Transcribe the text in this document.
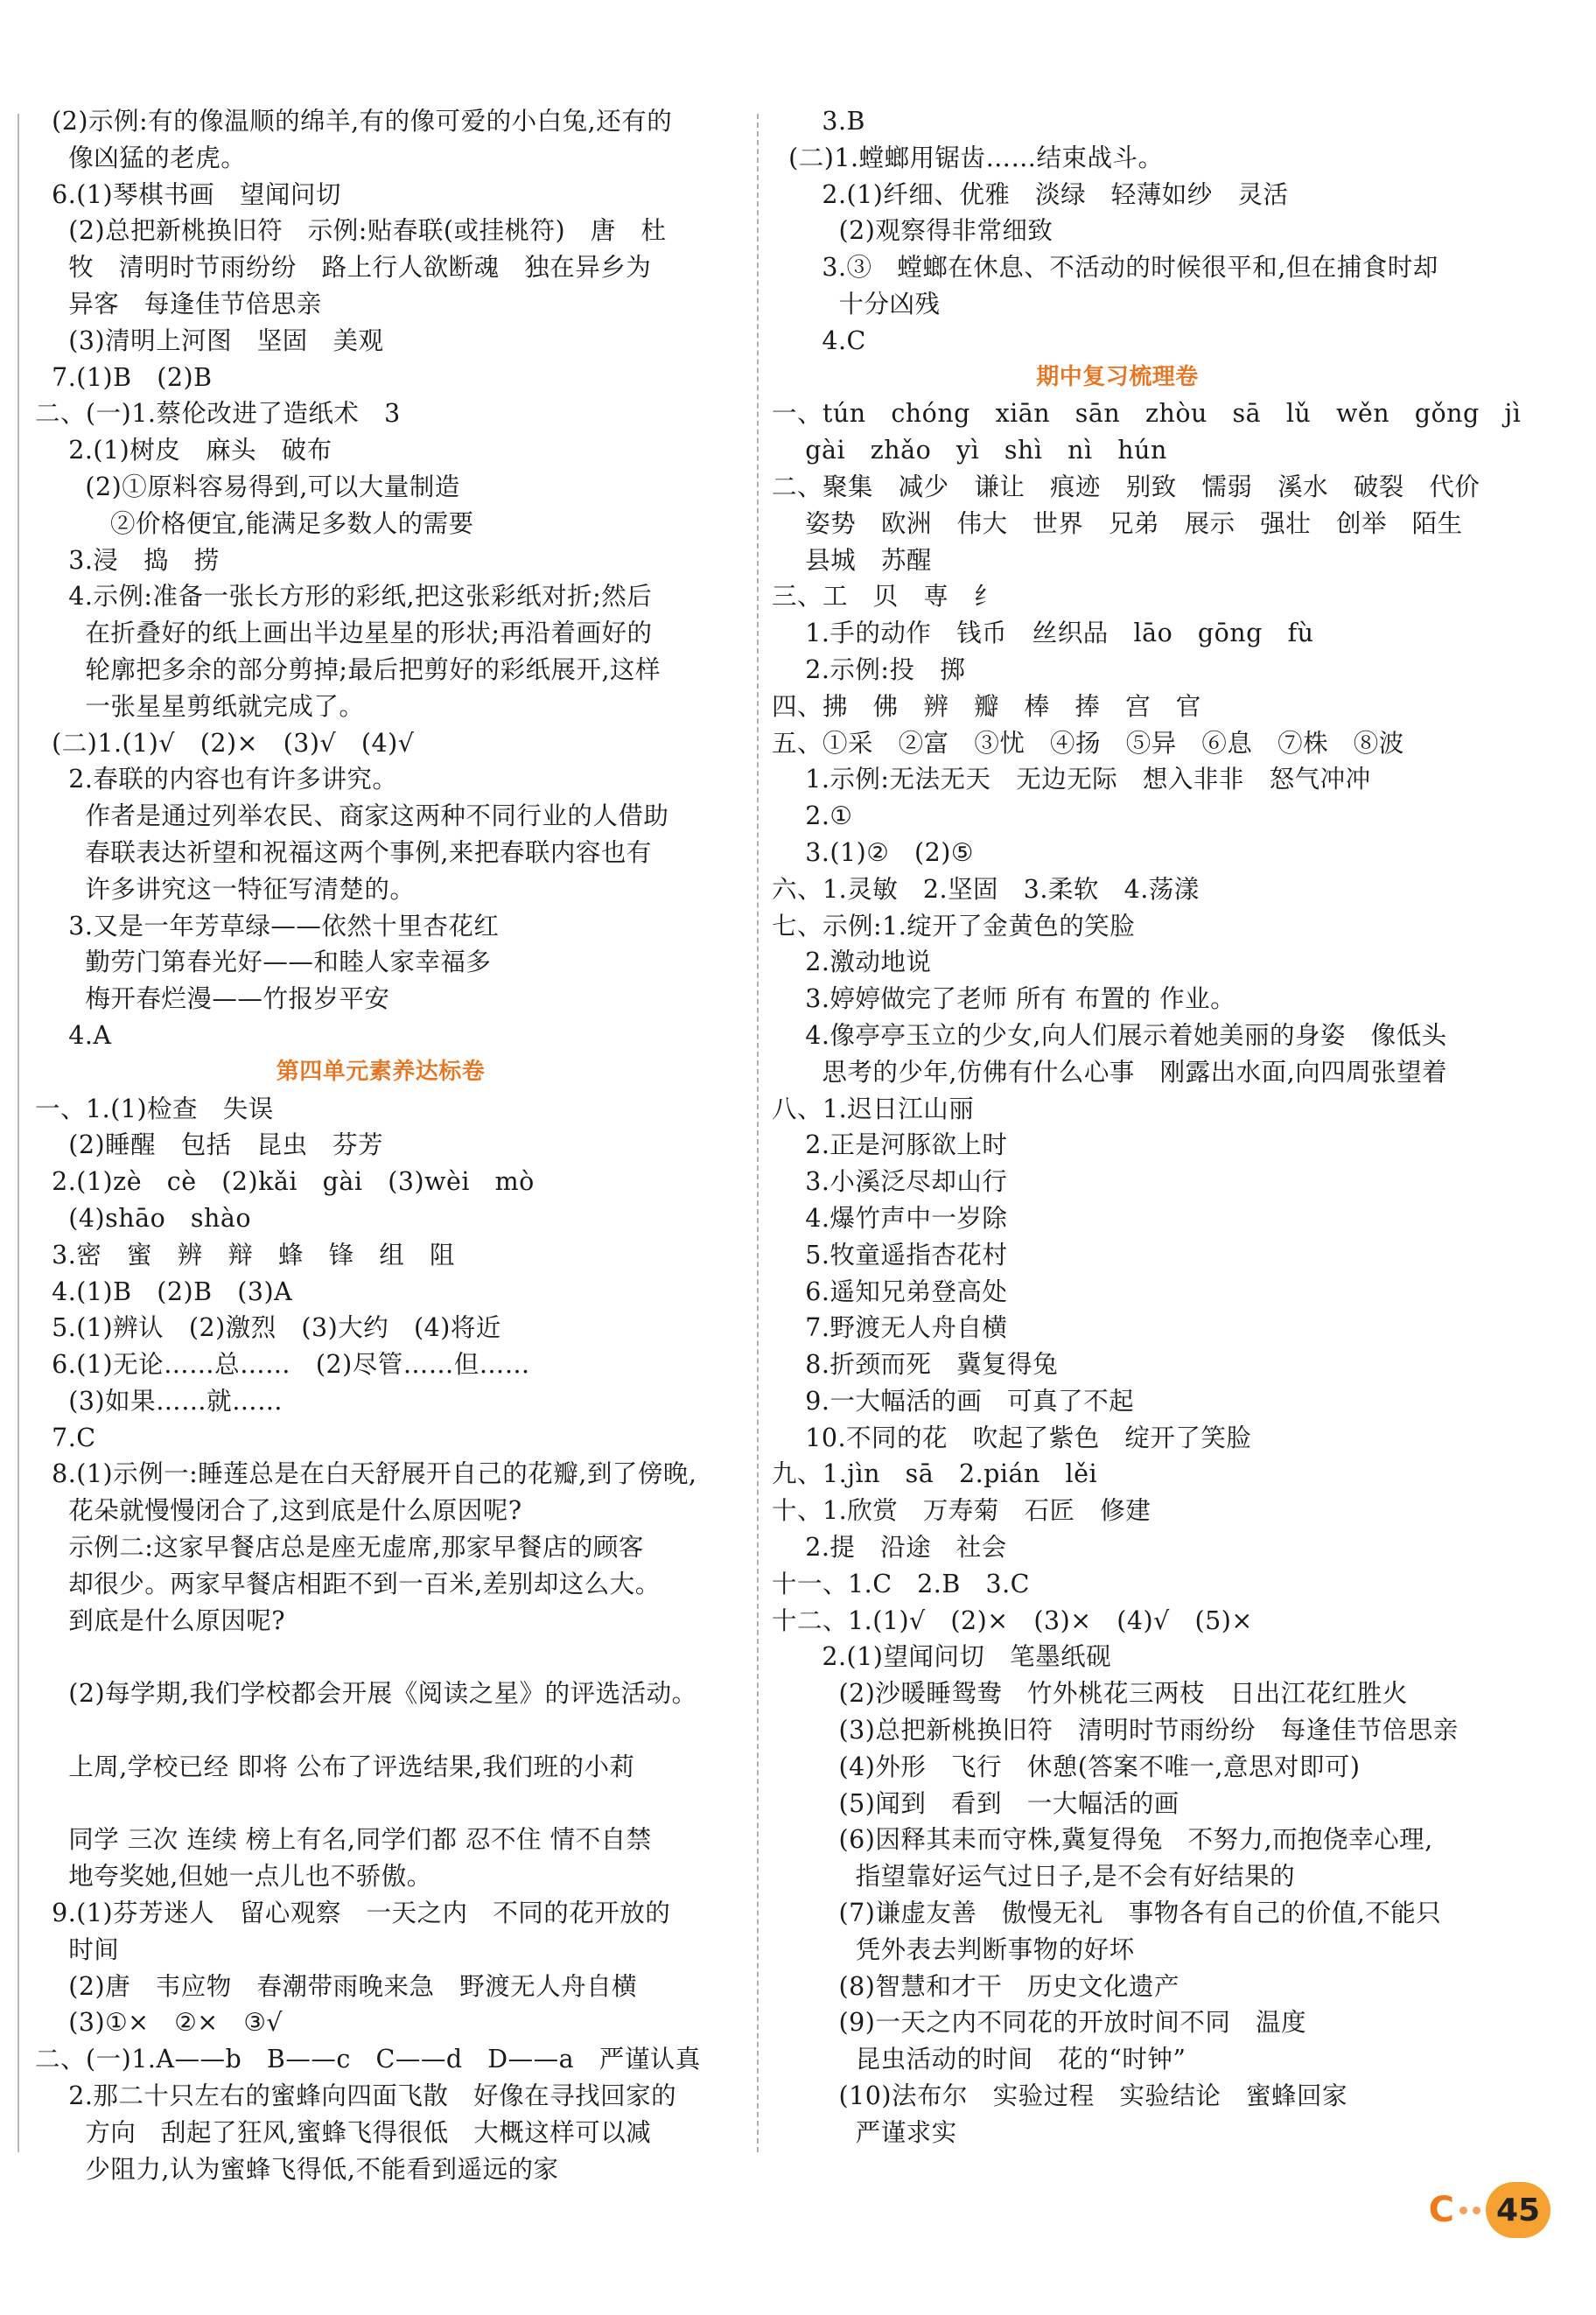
(2)示例:有的像温顺的绵羊,有的像可爱的小白兔,还有的
像凶猛的老虎。
6.(1)琴棋书画   望闻问切
(2)总把新桃换旧符   示例:贴春联(或挂桃符)   唐   杜
牧   清明时节雨纷纷   路上行人欲断魂   独在异乡为
异客   每逢佳节倍思亲
(3)清明上河图   坚固   美观
7.(1)B   (2)B
二、(一)1.蔡伦改进了造纸术   3
2.(1)树皮   麻头   破布
(2)①原料容易得到,可以大量制造
②价格便宜,能满足多数人的需要
3.浸   捣   捞
4.示例:准备一张长方形的彩纸,把这张彩纸对折;然后
在折叠好的纸上画出半边星星的形状;再沿着画好的
轮廓把多余的部分剪掉;最后把剪好的彩纸展开,这样
一张星星剪纸就完成了。
(二)1.(1)√   (2)×   (3)√   (4)√
2.春联的内容也有许多讲究。
作者是通过列举农民、商家这两种不同行业的人借助
春联表达祈望和祝福这两个事例,来把春联内容也有
许多讲究这一特征写清楚的。
3.又是一年芳草绿——依然十里杏花红
勤劳门第春光好——和睦人家幸福多
梅开春烂漫——竹报岁平安
4.A
第四单元素养达标卷
一、1.(1)检查   失误
(2)睡醒   包括   昆虫   芬芳
2.(1)zè   cè   (2)kǎi   gài   (3)wèi   mò
(4)shāo   shào
3.密   蜜   辨   辩   蜂   锋   组   阻
4.(1)B   (2)B   (3)A
5.(1)辨认   (2)激烈   (3)大约   (4)将近
6.(1)无论……总……   (2)尽管……但……
(3)如果……就……
7.C
8.(1)示例一:睡莲总是在白天舒展开自己的花瓣,到了傍晚,
花朵就慢慢闭合了,这到底是什么原因呢?
示例二:这家早餐店总是座无虚席,那家早餐店的顾客
却很少。两家早餐店相距不到一百米,差别却这么大。
到底是什么原因呢?
(2)每学期,我们学校都会开展《阅读之星》的评选活动。
上周,学校已经 即将 公布了评选结果,我们班的小莉
同学 三次 连续 榜上有名,同学们都 忍不住 情不自禁
地夸奖她,但她一点儿也不骄傲。
9.(1)芬芳迷人   留心观察   一天之内   不同的花开放的
时间
(2)唐   韦应物   春潮带雨晚来急   野渡无人舟自横
(3)①×   ②×   ③√
二、(一)1.A——b   B——c   C——d   D——a   严谨认真
2.那二十只左右的蜜蜂向四面飞散   好像在寻找回家的
方向   刮起了狂风,蜜蜂飞得很低   大概这样可以减
少阻力,认为蜜蜂飞得低,不能看到遥远的家
3.B
(二)1.螳螂用锯齿……结束战斗。
2.(1)纤细、优雅   淡绿   轻薄如纱   灵活
(2)观察得非常细致
3.③   螳螂在休息、不活动的时候很平和,但在捕食时却
十分凶残
4.C
期中复习梳理卷
一、tún   chóng   xiān   sān   zhòu   sā   lǔ   wěn   gǒng   jì
gài   zhǎo   yì   shì   nì   hún
二、聚集   减少   谦让   痕迹   别致   懦弱   溪水   破裂   代价
姿势   欧洲   伟大   世界   兄弟   展示   强壮   创举   陌生
县城   苏醒
三、工   贝   専   纟
1.手的动作   钱币   丝织品   lāo   gōng   fù
2.示例:投   掷
四、拂   佛   辨   瓣   棒   捧   宫   官
五、①采   ②富   ③忧   ④扬   ⑤异   ⑥息   ⑦株   ⑧波
1.示例:无法无天   无边无际   想入非非   怒气冲冲
2.①
3.(1)②   (2)⑤
六、1.灵敏   2.坚固   3.柔软   4.荡漾
七、示例:1.绽开了金黄色的笑脸
2.激动地说
3.婷婷做完了老师 所有 布置的 作业。
4.像亭亭玉立的少女,向人们展示着她美丽的身姿   像低头
思考的少年,仿佛有什么心事   刚露出水面,向四周张望着
八、1.迟日江山丽
2.正是河豚欲上时
3.小溪泛尽却山行
4.爆竹声中一岁除
5.牧童遥指杏花村
6.遥知兄弟登高处
7.野渡无人舟自横
8.折颈而死   冀复得兔
9.一大幅活的画   可真了不起
10.不同的花   吹起了紫色   绽开了笑脸
九、1.jìn   sā   2.pián   lěi
十、1.欣赏   万寿菊   石匠   修建
2.提   沿途   社会
十一、1.C   2.B   3.C
十二、1.(1)√   (2)×   (3)×   (4)√   (5)×
2.(1)望闻问切   笔墨纸砚
(2)沙暖睡鸳鸯   竹外桃花三两枝   日出江花红胜火
(3)总把新桃换旧符   清明时节雨纷纷   每逢佳节倍思亲
(4)外形   飞行   休憩(答案不唯一,意思对即可)
(5)闻到   看到   一大幅活的画
(6)因释其耒而守株,冀复得兔   不努力,而抱侥幸心理,
指望靠好运气过日子,是不会有好结果的
(7)谦虚友善   傲慢无礼   事物各有自己的价值,不能只
凭外表去判断事物的好坏
(8)智慧和才干   历史文化遗产
(9)一天之内不同花的开放时间不同   温度
昆虫活动的时间   花的“时钟”
(10)法布尔   实验过程   实验结论   蜜蜂回家
严谨求实
C	45
